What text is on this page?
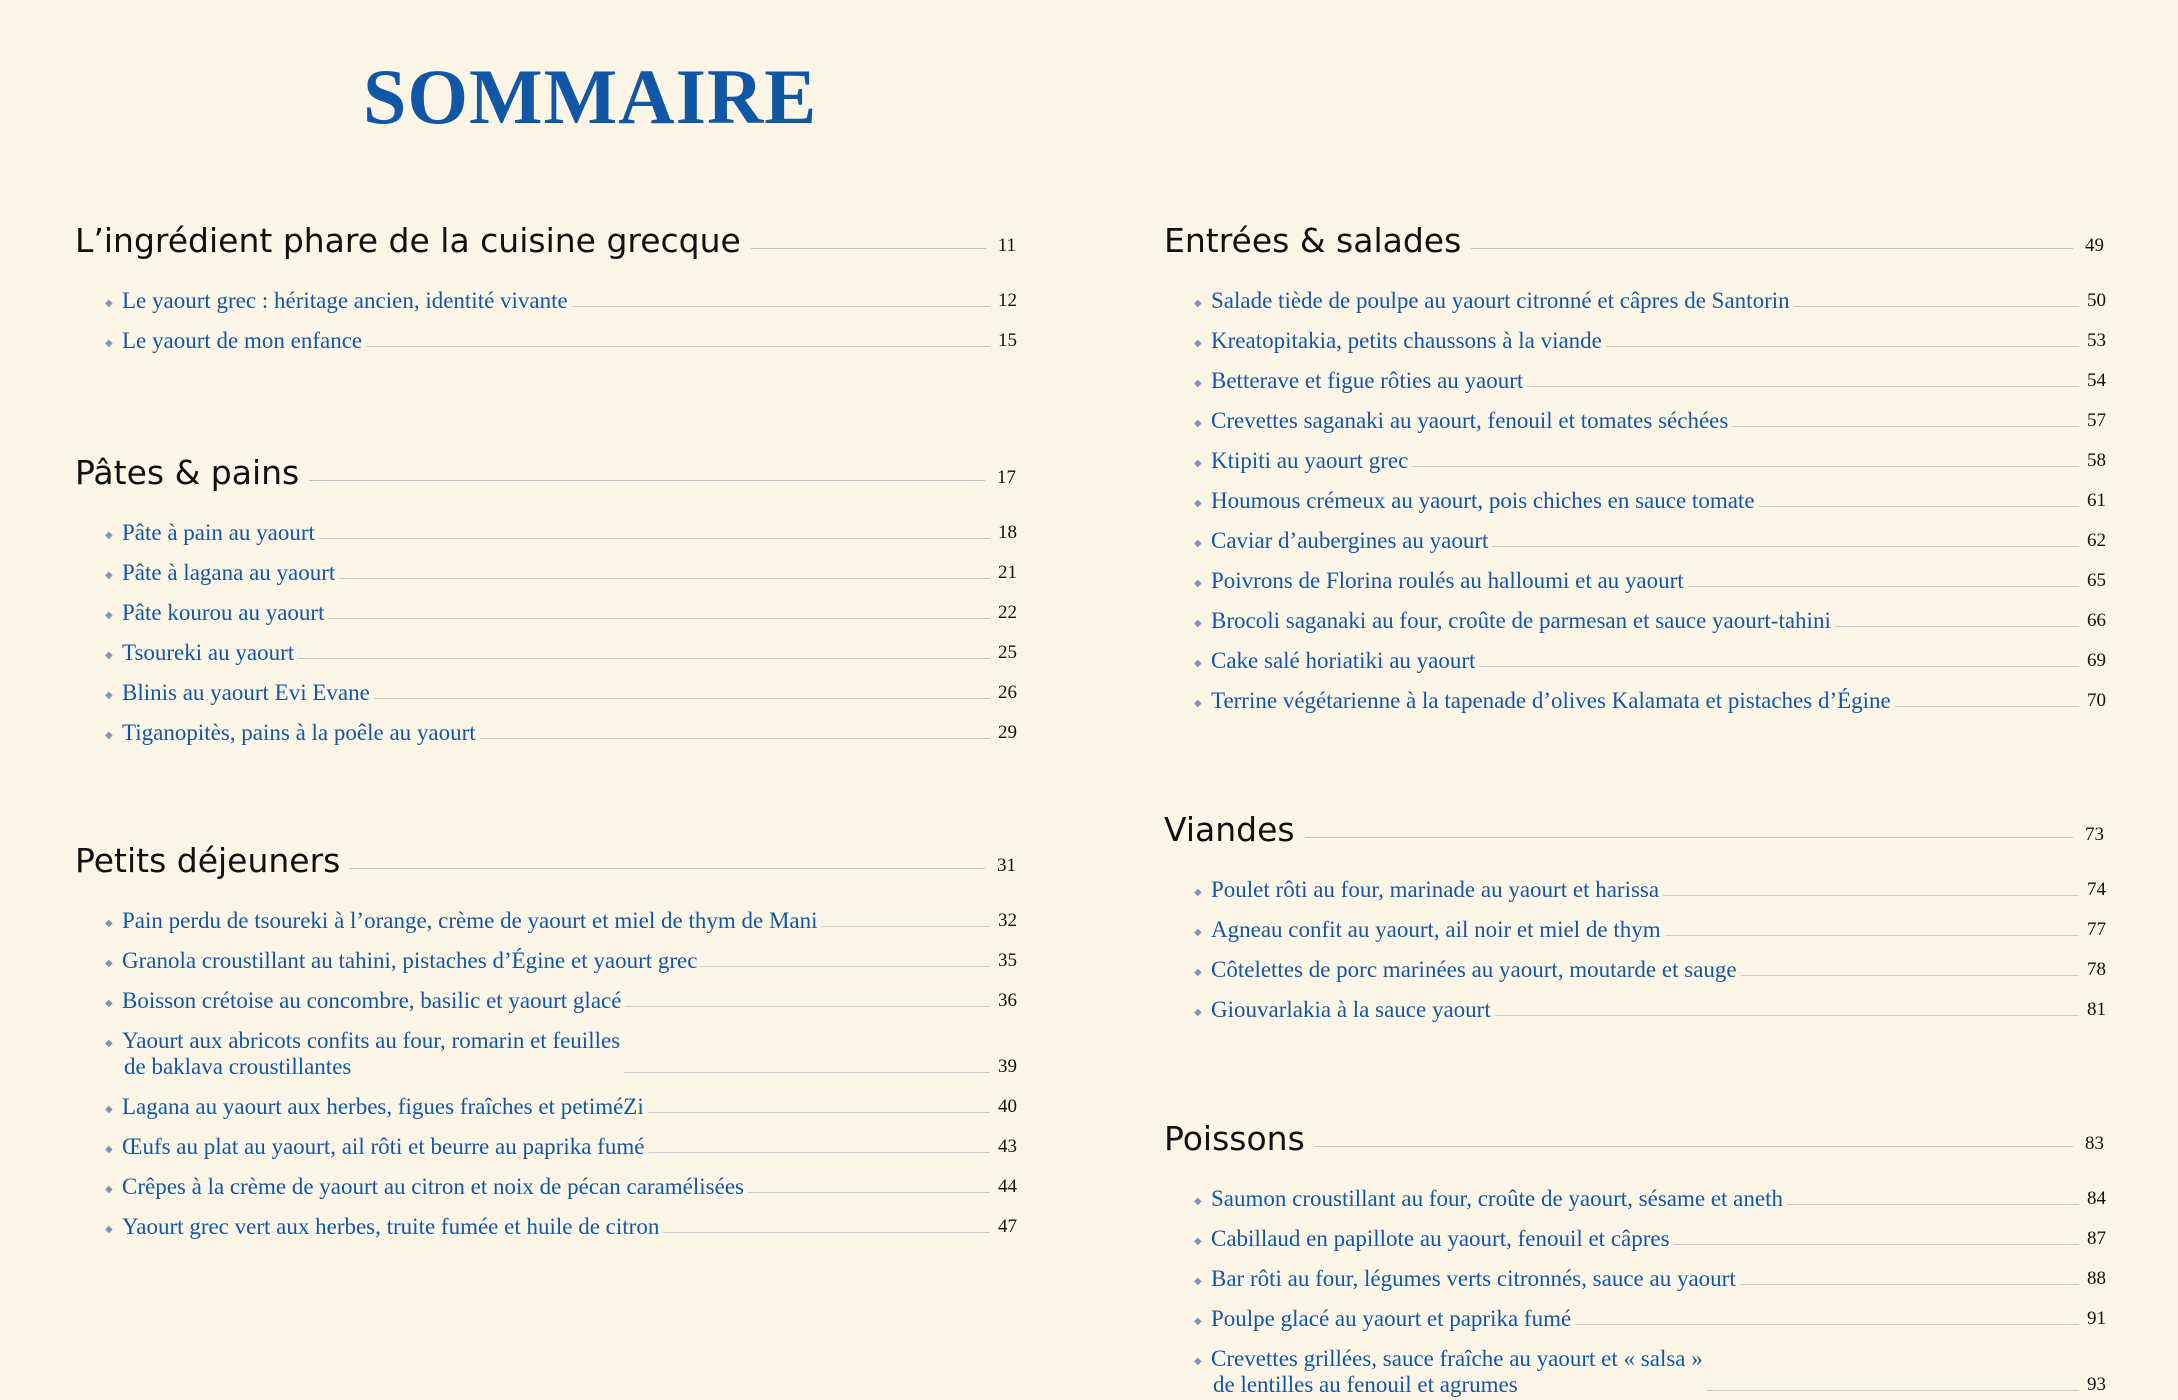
SOMMAIRE
L’ingrédient phare de la cuisine grecque	11
◆ Le yaourt grec : héritage ancien, identité vivante	12
◆ Le yaourt de mon enfance	15
Pâtes & pains	17
◆ Pâte à pain au yaourt	18
◆ Pâte à lagana au yaourt	21
◆ Pâte kourou au yaourt	22
◆ Tsoureki au yaourt	25
◆ Blinis au yaourt Evi Evane	26
◆ Tiganopitès, pains à la poêle au yaourt	29
Petits déjeuners	31
◆ Pain perdu de tsoureki à l’orange, crème de yaourt et miel de thym de Mani	32
◆ Granola croustillant au tahini, pistaches d’Égine et yaourt grec	35
◆ Boisson crétoise au concombre, basilic et yaourt glacé	36
◆ Yaourt aux abricots confits au four, romarin et feuilles
de baklava croustillantes	39
◆ Lagana au yaourt aux herbes, figues fraîches et petiméZi	40
◆ Œufs au plat au yaourt, ail rôti et beurre au paprika fumé	43
◆ Crêpes à la crème de yaourt au citron et noix de pécan caramélisées	44
◆ Yaourt grec vert aux herbes, truite fumée et huile de citron	47
Entrées & salades	49
◆ Salade tiède de poulpe au yaourt citronné et câpres de Santorin	50
◆ Kreatopitakia, petits chaussons à la viande	53
◆ Betterave et figue rôties au yaourt	54
◆ Crevettes saganaki au yaourt, fenouil et tomates séchées	57
◆ Ktipiti au yaourt grec	58
◆ Houmous crémeux au yaourt, pois chiches en sauce tomate	61
◆ Caviar d’aubergines au yaourt	62
◆ Poivrons de Florina roulés au halloumi et au yaourt	65
◆ Brocoli saganaki au four, croûte de parmesan et sauce yaourt-tahini	66
◆ Cake salé horiatiki au yaourt	69
◆ Terrine végétarienne à la tapenade d’olives Kalamata et pistaches d’Égine	70
Viandes	73
◆ Poulet rôti au four, marinade au yaourt et harissa	74
◆ Agneau confit au yaourt, ail noir et miel de thym	77
◆ Côtelettes de porc marinées au yaourt, moutarde et sauge	78
◆ Giouvarlakia à la sauce yaourt	81
Poissons	83
◆ Saumon croustillant au four, croûte de yaourt, sésame et aneth	84
◆ Cabillaud en papillote au yaourt, fenouil et câpres	87
◆ Bar rôti au four, légumes verts citronnés, sauce au yaourt	88
◆ Poulpe glacé au yaourt et paprika fumé	91
◆ Crevettes grillées, sauce fraîche au yaourt et « salsa »
de lentilles au fenouil et agrumes	93
